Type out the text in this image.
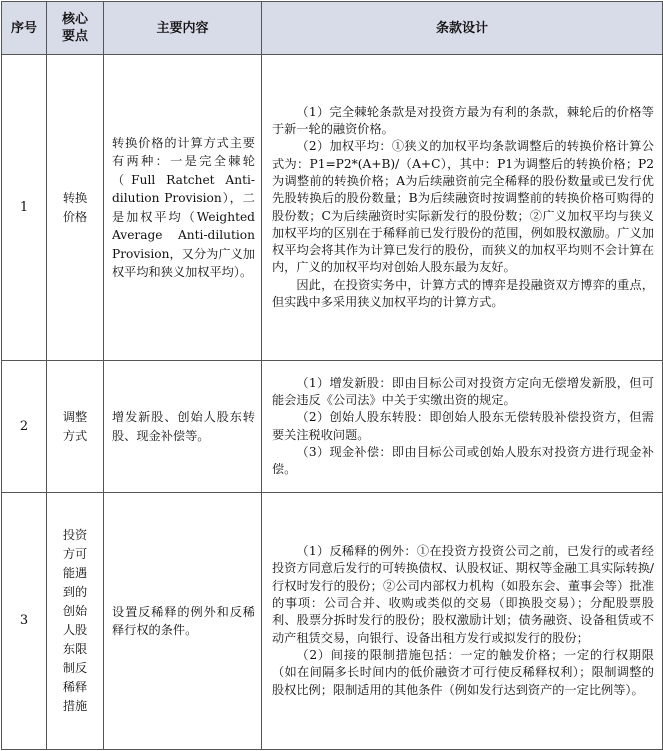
序号	核心要点	主要内容	条款设计
1	转换价格	转换价格的计算方式主要有两种：一是完全棘轮（Full Ratchet Anti-dilution Provision），二是加权平均（Weighted Average Anti-dilution Provision，又分为广义加权平均和狭义加权平均）。	（1）完全棘轮条款是对投资方最为有利的条款，棘轮后的价格等于新一轮的融资价格。

（2）加权平均：①狭义的加权平均条款调整后的转换价格计算公式为：P1=P2*(A+B)/（A+C），其中：P1为调整后的转换价格；P2为调整前的转换价格；A为后续融资前完全稀释的股份数量或已发行优先股转换后的股份数量；B为后续融资时按调整前的转换价格可购得的股份数；C为后续融资时实际新发行的股份数；②广义加权平均与狭义加权平均的区别在于稀释前已发行股份的范围，例如股权激励。广义加权平均会将其作为计算已发行的股份，而狭义的加权平均则不会计算在内，广义的加权平均对创始人股东最为友好。

因此，在投资实务中，计算方式的博弈是投融资双方博弈的重点，但实践中多采用狭义加权平均的计算方式。

2	调整方式	增发新股、创始人股东转股、现金补偿等。	（1）增发新股：即由目标公司对投资方定向无偿增发新股，但可能会违反《公司法》中关于实缴出资的规定。

（2）创始人股东转股：即创始人股东无偿转股补偿投资方，但需要关注税收问题。

（3）现金补偿：即由目标公司或创始人股东对投资方进行现金补偿。

3	投资方可能遇到的创始人股东限制反稀释措施	设置反稀释的例外和反稀释行权的条件。	（1）反稀释的例外：①在投资方投资公司之前，已发行的或者经投资方同意后发行的可转换债权、认股权证、期权等金融工具实际转换/行权时发行的股份；②公司内部权力机构（如股东会、董事会等）批准的事项：公司合并、收购或类似的交易（即换股交易）；分配股票股利、股票分拆时发行的股份；股权激励计划；债务融资、设备租赁或不动产租赁交易，向银行、设备出租方发行或拟发行的股份；

（2）间接的限制措施包括：一定的触发价格；一定的行权期限（如在间隔多长时间内的低价融资才可行使反稀释权利）；限制调整的股权比例；限制适用的其他条件（例如发行达到资产的一定比例等）。
